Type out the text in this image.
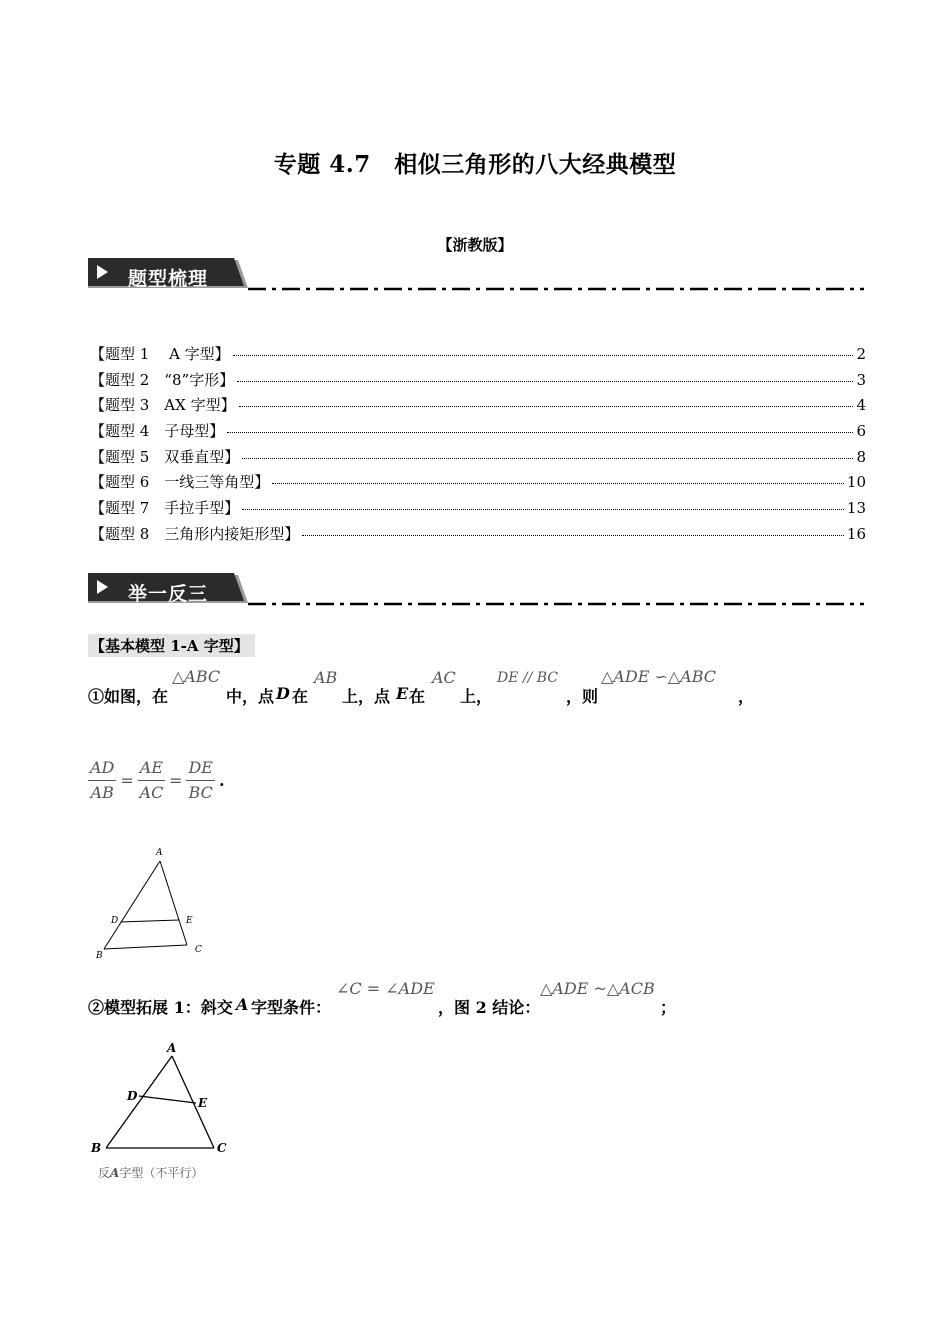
专题 4.7　相似三角形的八大经典模型
【浙教版】
题型梳理
【题型 1　 A 字型】	2
【题型 2　“8”字形】	3
【题型 3　AX 字型】	4
【题型 4　子母型】	6
【题型 5　双垂直型】	8
【题型 6　一线三等角型】	10
【题型 7　手拉手型】	13
【题型 8　三角形内接矩形型】	16
举一反三
【基本模型 1-A 字型】
①如图，在
△ABC
中，点 D 在
AB
上，点 E 在
AC
上，
DE // BC
，则
△ADE ∽△ABC
，
$\frac{AD}{AB} = \frac{AE}{AC} = \frac{DE}{BC}$ .
A
D	E
B
C
②模型拓展 1：斜交 A 字型条件：
∠C = ∠ADE
，图 2 结论：
△ADE ~△ACB
；
A
D	E
B	C
反A字型（不平行）
